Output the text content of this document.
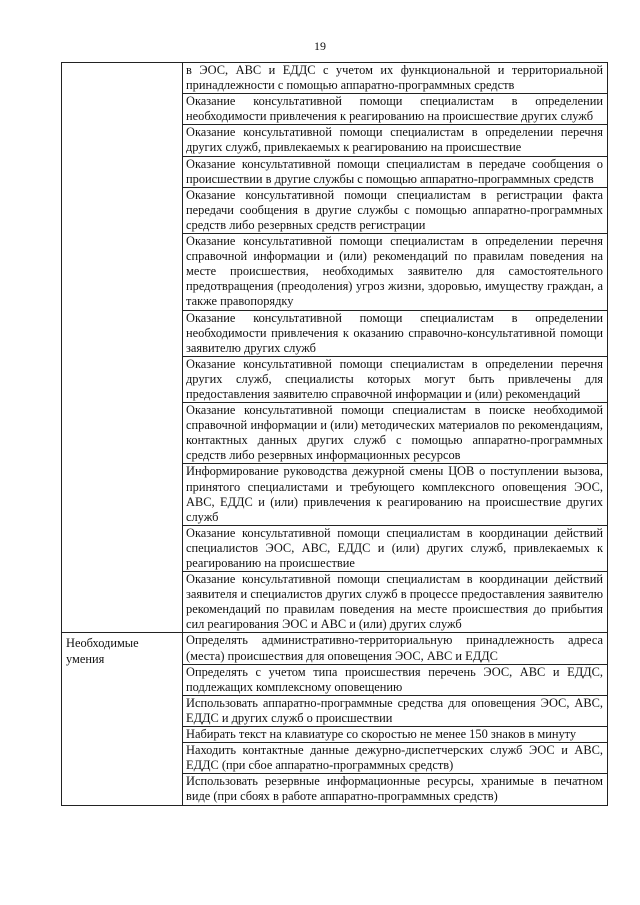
19

	в ЭОС, АВС и ЕДДС с учетом их функциональной и территориальной принадлежности с помощью аппаратно-программных средств

	Оказание консультативной помощи специалистам в определении необходимости привлечения к реагированию на происшествие других служб

	Оказание консультативной помощи специалистам в определении перечня других служб, привлекаемых к реагированию на происшествие

	Оказание консультативной помощи специалистам в передаче сообщения о происшествии в другие службы с помощью аппаратно-программных средств

	Оказание консультативной помощи специалистам в регистрации факта передачи сообщения в другие службы с помощью аппаратно-программных средств либо резервных средств регистрации

	Оказание консультативной помощи специалистам в определении перечня справочной информации и (или) рекомендаций по правилам поведения на месте происшествия, необходимых заявителю для самостоятельного предотвращения (преодоления) угроз жизни, здоровью, имуществу граждан, а также правопорядку

	Оказание консультативной помощи специалистам в определении необходимости привлечения к оказанию справочно-консультативной помощи заявителю других служб

	Оказание консультативной помощи специалистам в определении перечня других служб, специалисты которых могут быть привлечены для предоставления заявителю справочной информации и (или) рекомендаций

	Оказание консультативной помощи специалистам в поиске необходимой справочной информации и (или) методических материалов по рекомендациям, контактных данных других служб с помощью аппаратно-программных средств либо резервных информационных ресурсов

	Информирование руководства дежурной смены ЦОВ о поступлении вызова, принятого специалистами и требующего комплексного оповещения ЭОС, АВС, ЕДДС и (или) привлечения к реагированию на происшествие других служб

	Оказание консультативной помощи специалистам в координации действий специалистов ЭОС, АВС, ЕДДС и (или) других служб, привлекаемых к реагированию на происшествие

	Оказание консультативной помощи специалистам в координации действий заявителя и специалистов других служб в процессе предоставления заявителю рекомендаций по правилам поведения на месте происшествия до прибытия сил реагирования ЭОС и АВС и (или) других служб

Необходимые умения	Определять административно-территориальную принадлежность адреса (места) происшествия для оповещения ЭОС, АВС и ЕДДС

	Определять с учетом типа происшествия перечень ЭОС, АВС и ЕДДС, подлежащих комплексному оповещению

	Использовать аппаратно-программные средства для оповещения ЭОС, АВС, ЕДДС и других служб о происшествии

	Набирать текст на клавиатуре со скоростью не менее 150 знаков в минуту

	Находить контактные данные дежурно-диспетчерских служб ЭОС и АВС, ЕДДС (при сбое аппаратно-программных средств)

	Использовать резервные информационные ресурсы, хранимые в печатном виде (при сбоях в работе аппаратно-программных средств)
